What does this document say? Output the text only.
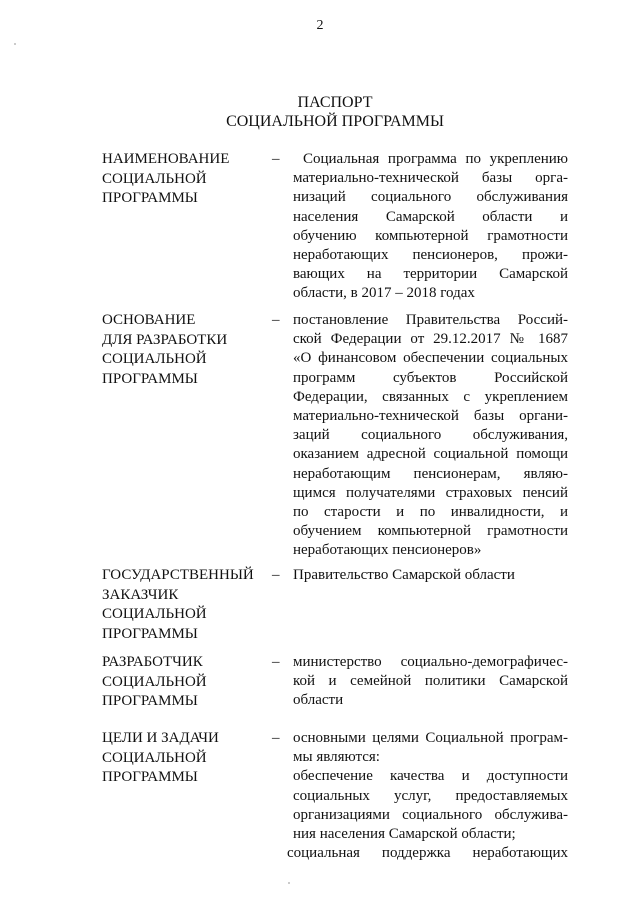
2
ПАСПОРТ
СОЦИАЛЬНОЙ ПРОГРАММЫ
НАИМЕНОВАНИЕ
СОЦИАЛЬНОЙ
ПРОГРАММЫ
– Социальная программа по укреплению
материально-технической базы орга-
низаций социального обслуживания
населения Самарской области и
обучению компьютерной грамотности
неработающих пенсионеров, прожи-
вающих на территории Самарской
области, в 2017 – 2018 годах
ОСНОВАНИЕ
ДЛЯ РАЗРАБОТКИ
СОЦИАЛЬНОЙ
ПРОГРАММЫ
– постановление Правительства Россий-
ской Федерации от 29.12.2017 № 1687
«О финансовом обеспечении социальных
программ субъектов Российской
Федерации, связанных с укреплением
материально-технической базы органи-
заций социального обслуживания,
оказанием адресной социальной помощи
неработающим пенсионерам, являю-
щимся получателями страховых пенсий
по старости и по инвалидности, и
обучением компьютерной грамотности
неработающих пенсионеров»
ГОСУДАРСТВЕННЫЙ
ЗАКАЗЧИК
СОЦИАЛЬНОЙ
ПРОГРАММЫ
– Правительство Самарской области
РАЗРАБОТЧИК
СОЦИАЛЬНОЙ
ПРОГРАММЫ
– министерство социально-демографичес-
кой и семейной политики Самарской
области
ЦЕЛИ И ЗАДАЧИ
СОЦИАЛЬНОЙ
ПРОГРАММЫ
– основными целями Социальной програм-
мы являются:
обеспечение качества и доступности
социальных услуг, предоставляемых
организациями социального обслужива-
ния населения Самарской области;
социальная поддержка неработающих
